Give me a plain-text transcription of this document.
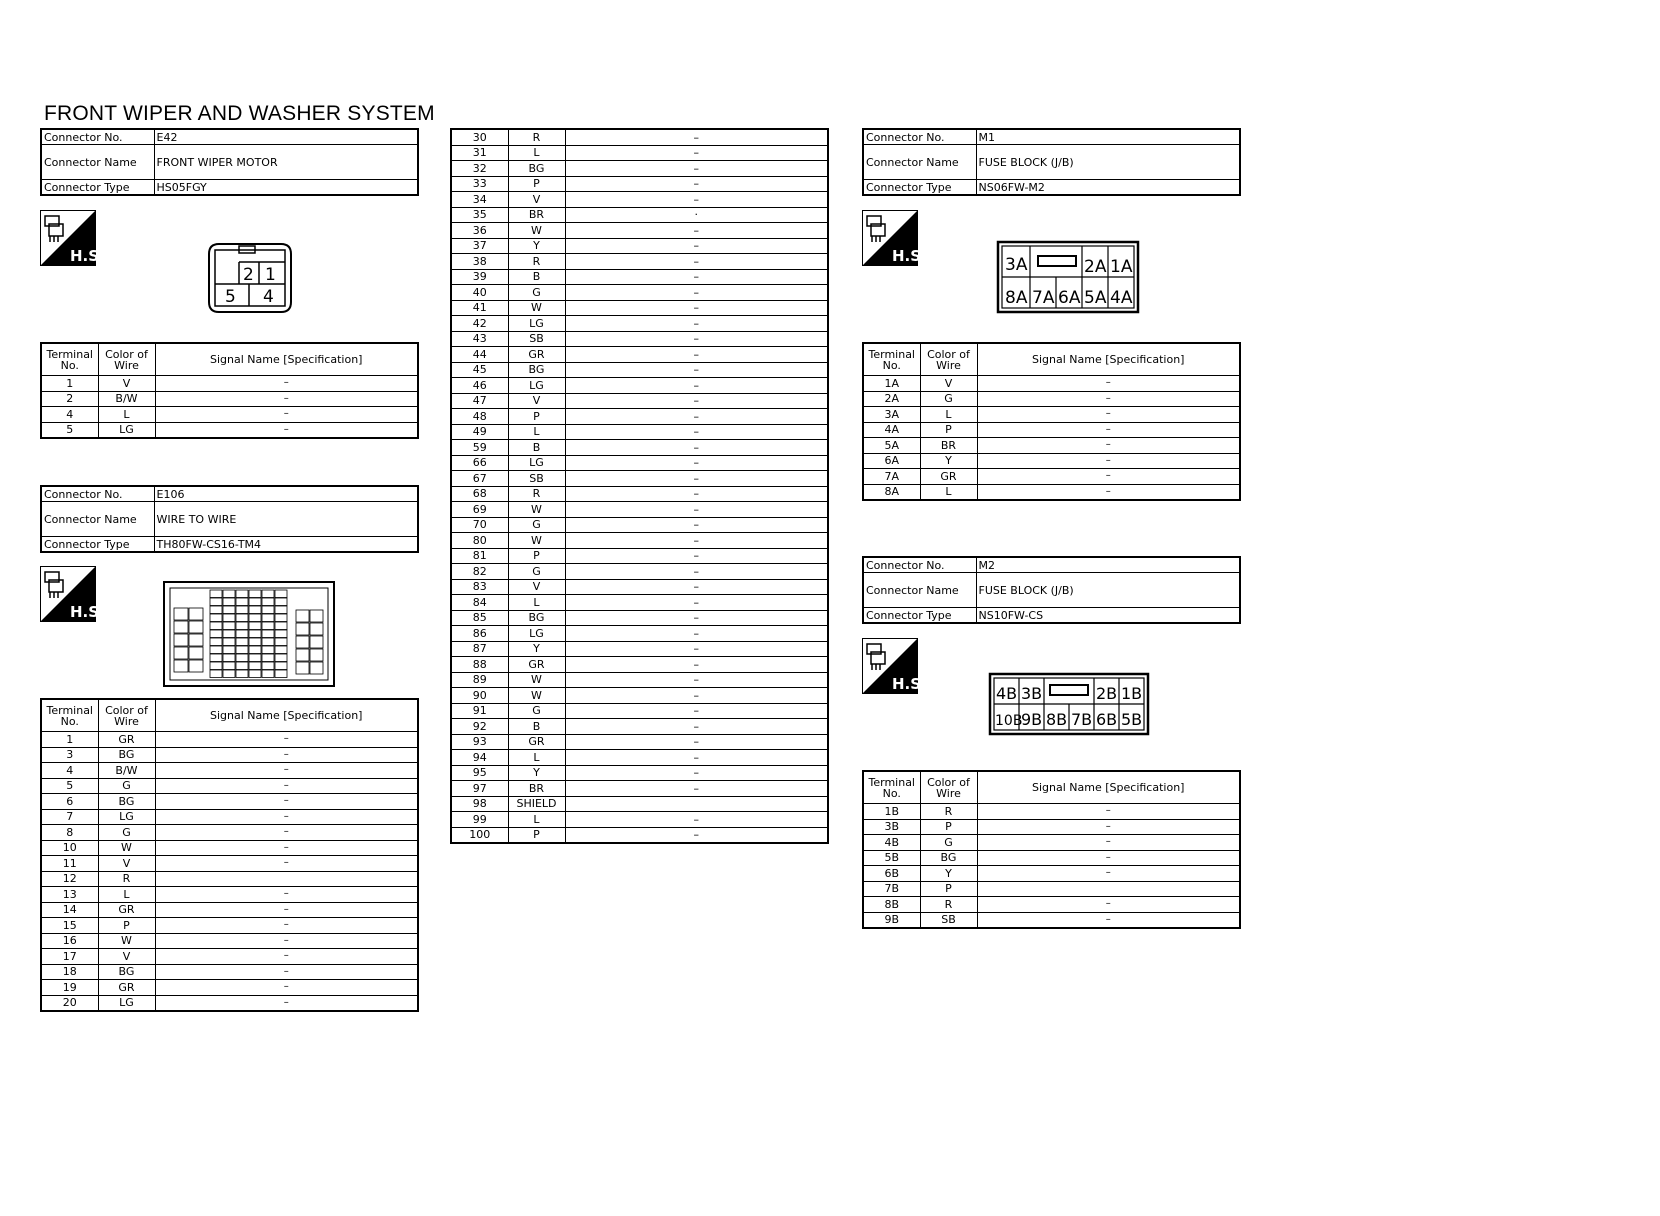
FRONT WIPER AND WASHER SYSTEM
Connector No.	E42
Connector Name	FRONT WIPER MOTOR
Connector Type	HS05FGY
H.S.
2 1
5 4
Terminal No.	Color of Wire	Signal Name [Specification]
1	V	–
2	B/W	–
4	L	–
5	LG	–
Connector No.	E106
Connector Name	WIRE TO WIRE
Connector Type	TH80FW-CS16-TM4
H.S.
Terminal No.	Color of Wire	Signal Name [Specification]
1	GR	–
3	BG	–
4	B/W	–
5	G	–
6	BG	–
7	LG	–
8	G	–
10	W	–
11	V	–
12	R	
13	L	–
14	GR	–
15	P	–
16	W	–
17	V	–
18	BG	–
19	GR	–
20	LG	–
30	R	–
31	L	–
32	BG	–
33	P	–
34	V	–
35	BR	·
36	W	–
37	Y	–
38	R	–
39	B	–
40	G	–
41	W	–
42	LG	–
43	SB	–
44	GR	–
45	BG	–
46	LG	–
47	V	–
48	P	–
49	L	–
59	B	–
66	LG	–
67	SB	–
68	R	–
69	W	–
70	G	–
80	W	–
81	P	–
82	G	–
83	V	–
84	L	–
85	BG	–
86	LG	–
87	Y	–
88	GR	–
89	W	–
90	W	–
91	G	–
92	B	–
93	GR	–
94	L	–
95	Y	–
97	BR	–
98	SHIELD	
99	L	–
100	P	–
Connector No.	M1
Connector Name	FUSE BLOCK (J/B)
Connector Type	NS06FW-M2
H.S.	3A	2A 1A
8A 7A 6A 5A 4A
Terminal No.	Color of Wire	Signal Name [Specification]
1A	V	–
2A	G	–
3A	L	–
4A	P	–
5A	BR	–
6A	Y	–
7A	GR	–
8A	L	–
Connector No.	M2
Connector Name	FUSE BLOCK (J/B)
Connector Type	NS10FW-CS
H.S.	4B 3B	2B 1B
10B
9B 8B 7B 6B 5B
Terminal No.	Color of Wire	Signal Name [Specification]
1B	R	–
3B	P	–
4B	G	–
5B	BG	–
6B	Y	–
7B	P	
8B	R	–
9B	SB	–
